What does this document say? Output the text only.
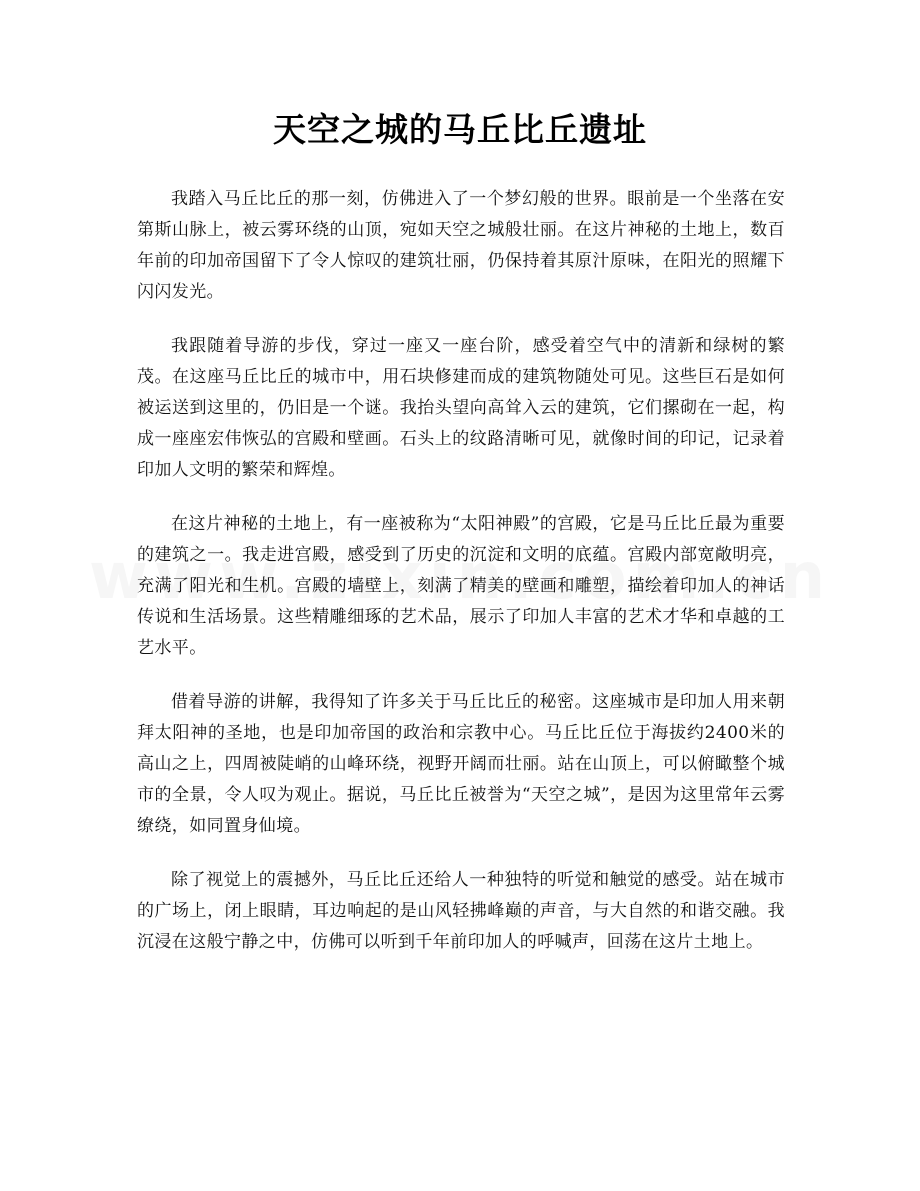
天空之城的马丘比丘遗址

我踏入马丘比丘的那一刻，仿佛进入了一个梦幻般的世界。眼前是一个坐落在安第斯山脉上，被云雾环绕的山顶，宛如天空之城般壮丽。在这片神秘的土地上，数百年前的印加帝国留下了令人惊叹的建筑壮丽，仍保持着其原汁原味，在阳光的照耀下闪闪发光。

我跟随着导游的步伐，穿过一座又一座台阶，感受着空气中的清新和绿树的繁茂。在这座马丘比丘的城市中，用石块修建而成的建筑物随处可见。这些巨石是如何被运送到这里的，仍旧是一个谜。我抬头望向高耸入云的建筑，它们摞砌在一起，构成一座座宏伟恢弘的宫殿和壁画。石头上的纹路清晰可见，就像时间的印记，记录着印加人文明的繁荣和辉煌。

在这片神秘的土地上，有一座被称为“太阳神殿”的宫殿，它是马丘比丘最为重要的建筑之一。我走进宫殿，感受到了历史的沉淀和文明的底蕴。宫殿内部宽敞明亮，充满了阳光和生机。宫殿的墙壁上，刻满了精美的壁画和雕塑，描绘着印加人的神话传说和生活场景。这些精雕细琢的艺术品，展示了印加人丰富的艺术才华和卓越的工艺水平。

借着导游的讲解，我得知了许多关于马丘比丘的秘密。这座城市是印加人用来朝拜太阳神的圣地，也是印加帝国的政治和宗教中心。马丘比丘位于海拔约2400米的高山之上，四周被陡峭的山峰环绕，视野开阔而壮丽。站在山顶上，可以俯瞰整个城市的全景，令人叹为观止。据说，马丘比丘被誉为“天空之城”，是因为这里常年云雾缭绕，如同置身仙境。

除了视觉上的震撼外，马丘比丘还给人一种独特的听觉和触觉的感受。站在城市的广场上，闭上眼睛，耳边响起的是山风轻拂峰巅的声音，与大自然的和谐交融。我沉浸在这般宁静之中，仿佛可以听到千年前印加人的呼喊声，回荡在这片土地上。
